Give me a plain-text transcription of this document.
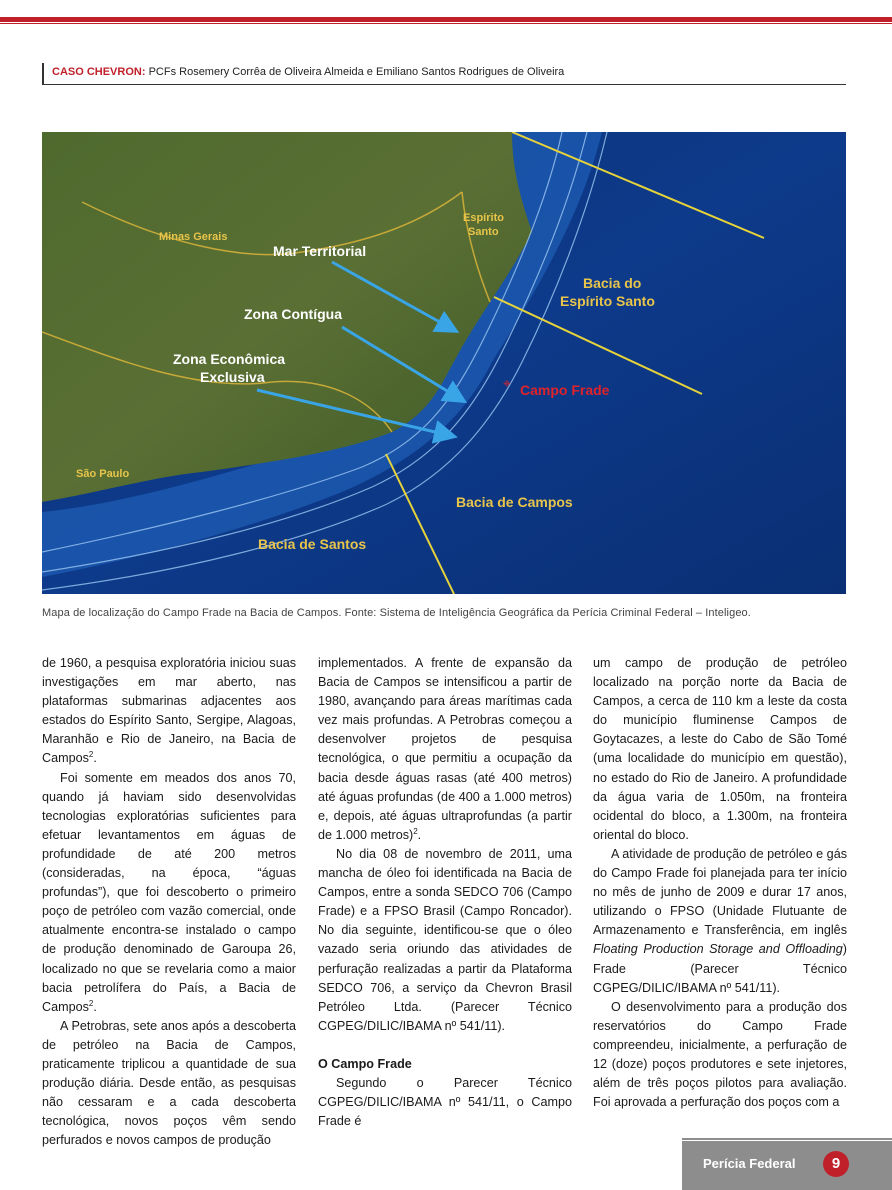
CASO CHEVRON: PCFs Rosemery Corrêa de Oliveira Almeida e Emiliano Santos Rodrigues de Oliveira
⌖
Minas Gerais
Espírito
Santo
São Paulo
Mar Territorial
Zona Contígua
Zona Econômica
Exclusiva
Bacia do
Espírito Santo
Campo Frade
Bacia de Campos
Bacia de Santos
Mapa de localização do Campo Frade na Bacia de Campos. Fonte: Sistema de Inteligência Geográfica da Perícia Criminal Federal – Inteligeo.

de 1960, a pesquisa exploratória iniciou suas investigações em mar aberto, nas plataformas submarinas adjacentes aos estados do Espírito Santo, Sergipe, Alagoas, Maranhão e Rio de Janeiro, na Bacia de Campos$^2$.

Foi somente em meados dos anos 70, quando já haviam sido desenvolvidas tecnologias exploratórias suficientes para efetuar levantamentos em águas de profundidade de até 200 metros (consideradas, na época, “águas profundas”), que foi descoberto o primeiro poço de petróleo com vazão comercial, onde atualmente encontra-se instalado o campo de produção denominado de Garoupa 26, localizado no que se revelaria como a maior bacia petrolífera do País, a Bacia de Campos$^2$.

A Petrobras, sete anos após a descoberta de petróleo na Bacia de Campos, praticamente triplicou a quantidade de sua produção diária. Desde então, as pesquisas não cessaram e a cada descoberta tecnológica, novos poços vêm sendo perfurados e novos campos de produção

implementados. A frente de expansão da Bacia de Campos se intensificou a partir de 1980, avançando para áreas marítimas cada vez mais profundas. A Petrobras começou a desenvolver projetos de pesquisa tecnológica, o que permitiu a ocupação da bacia desde águas rasas (até 400 metros) até águas profundas (de 400 a 1.000 metros) e, depois, até águas ultraprofundas (a partir de 1.000 metros)$^2$.

No dia 08 de novembro de 2011, uma mancha de óleo foi identificada na Bacia de Campos, entre a sonda SEDCO 706 (Campo Frade) e a FPSO Brasil (Campo Roncador). No dia seguinte, identificou-se que o óleo vazado seria oriundo das atividades de perfuração realizadas a partir da Plataforma SEDCO 706, a serviço da Chevron Brasil Petróleo Ltda. (Parecer Técnico CGPEG/DILIC/IBAMA nº 541/11).

O Campo Frade

Segundo o Parecer Técnico CGPEG/DILIC/IBAMA nº 541/11, o Campo Frade é

um campo de produção de petróleo localizado na porção norte da Bacia de Campos, a cerca de 110 km a leste da costa do município fluminense Campos de Goytacazes, a leste do Cabo de São Tomé (uma localidade do município em questão), no estado do Rio de Janeiro. A profundidade da água varia de 1.050m, na fronteira ocidental do bloco, a 1.300m, na fronteira oriental do bloco.

A atividade de produção de petróleo e gás do Campo Frade foi planejada para ter início no mês de junho de 2009 e durar 17 anos, utilizando o FPSO (Unidade Flutuante de Armazenamento e Transferência, em inglês Floating Production Storage and Offloading) Frade (Parecer Técnico CGPEG/DILIC/IBAMA nº 541/11).

O desenvolvimento para a produção dos reservatórios do Campo Frade compreendeu, inicialmente, a perfuração de 12 (doze) poços produtores e sete injetores, além de três poços pilotos para avaliação. Foi aprovada a perfuração dos poços com a

Perícia Federal	9
